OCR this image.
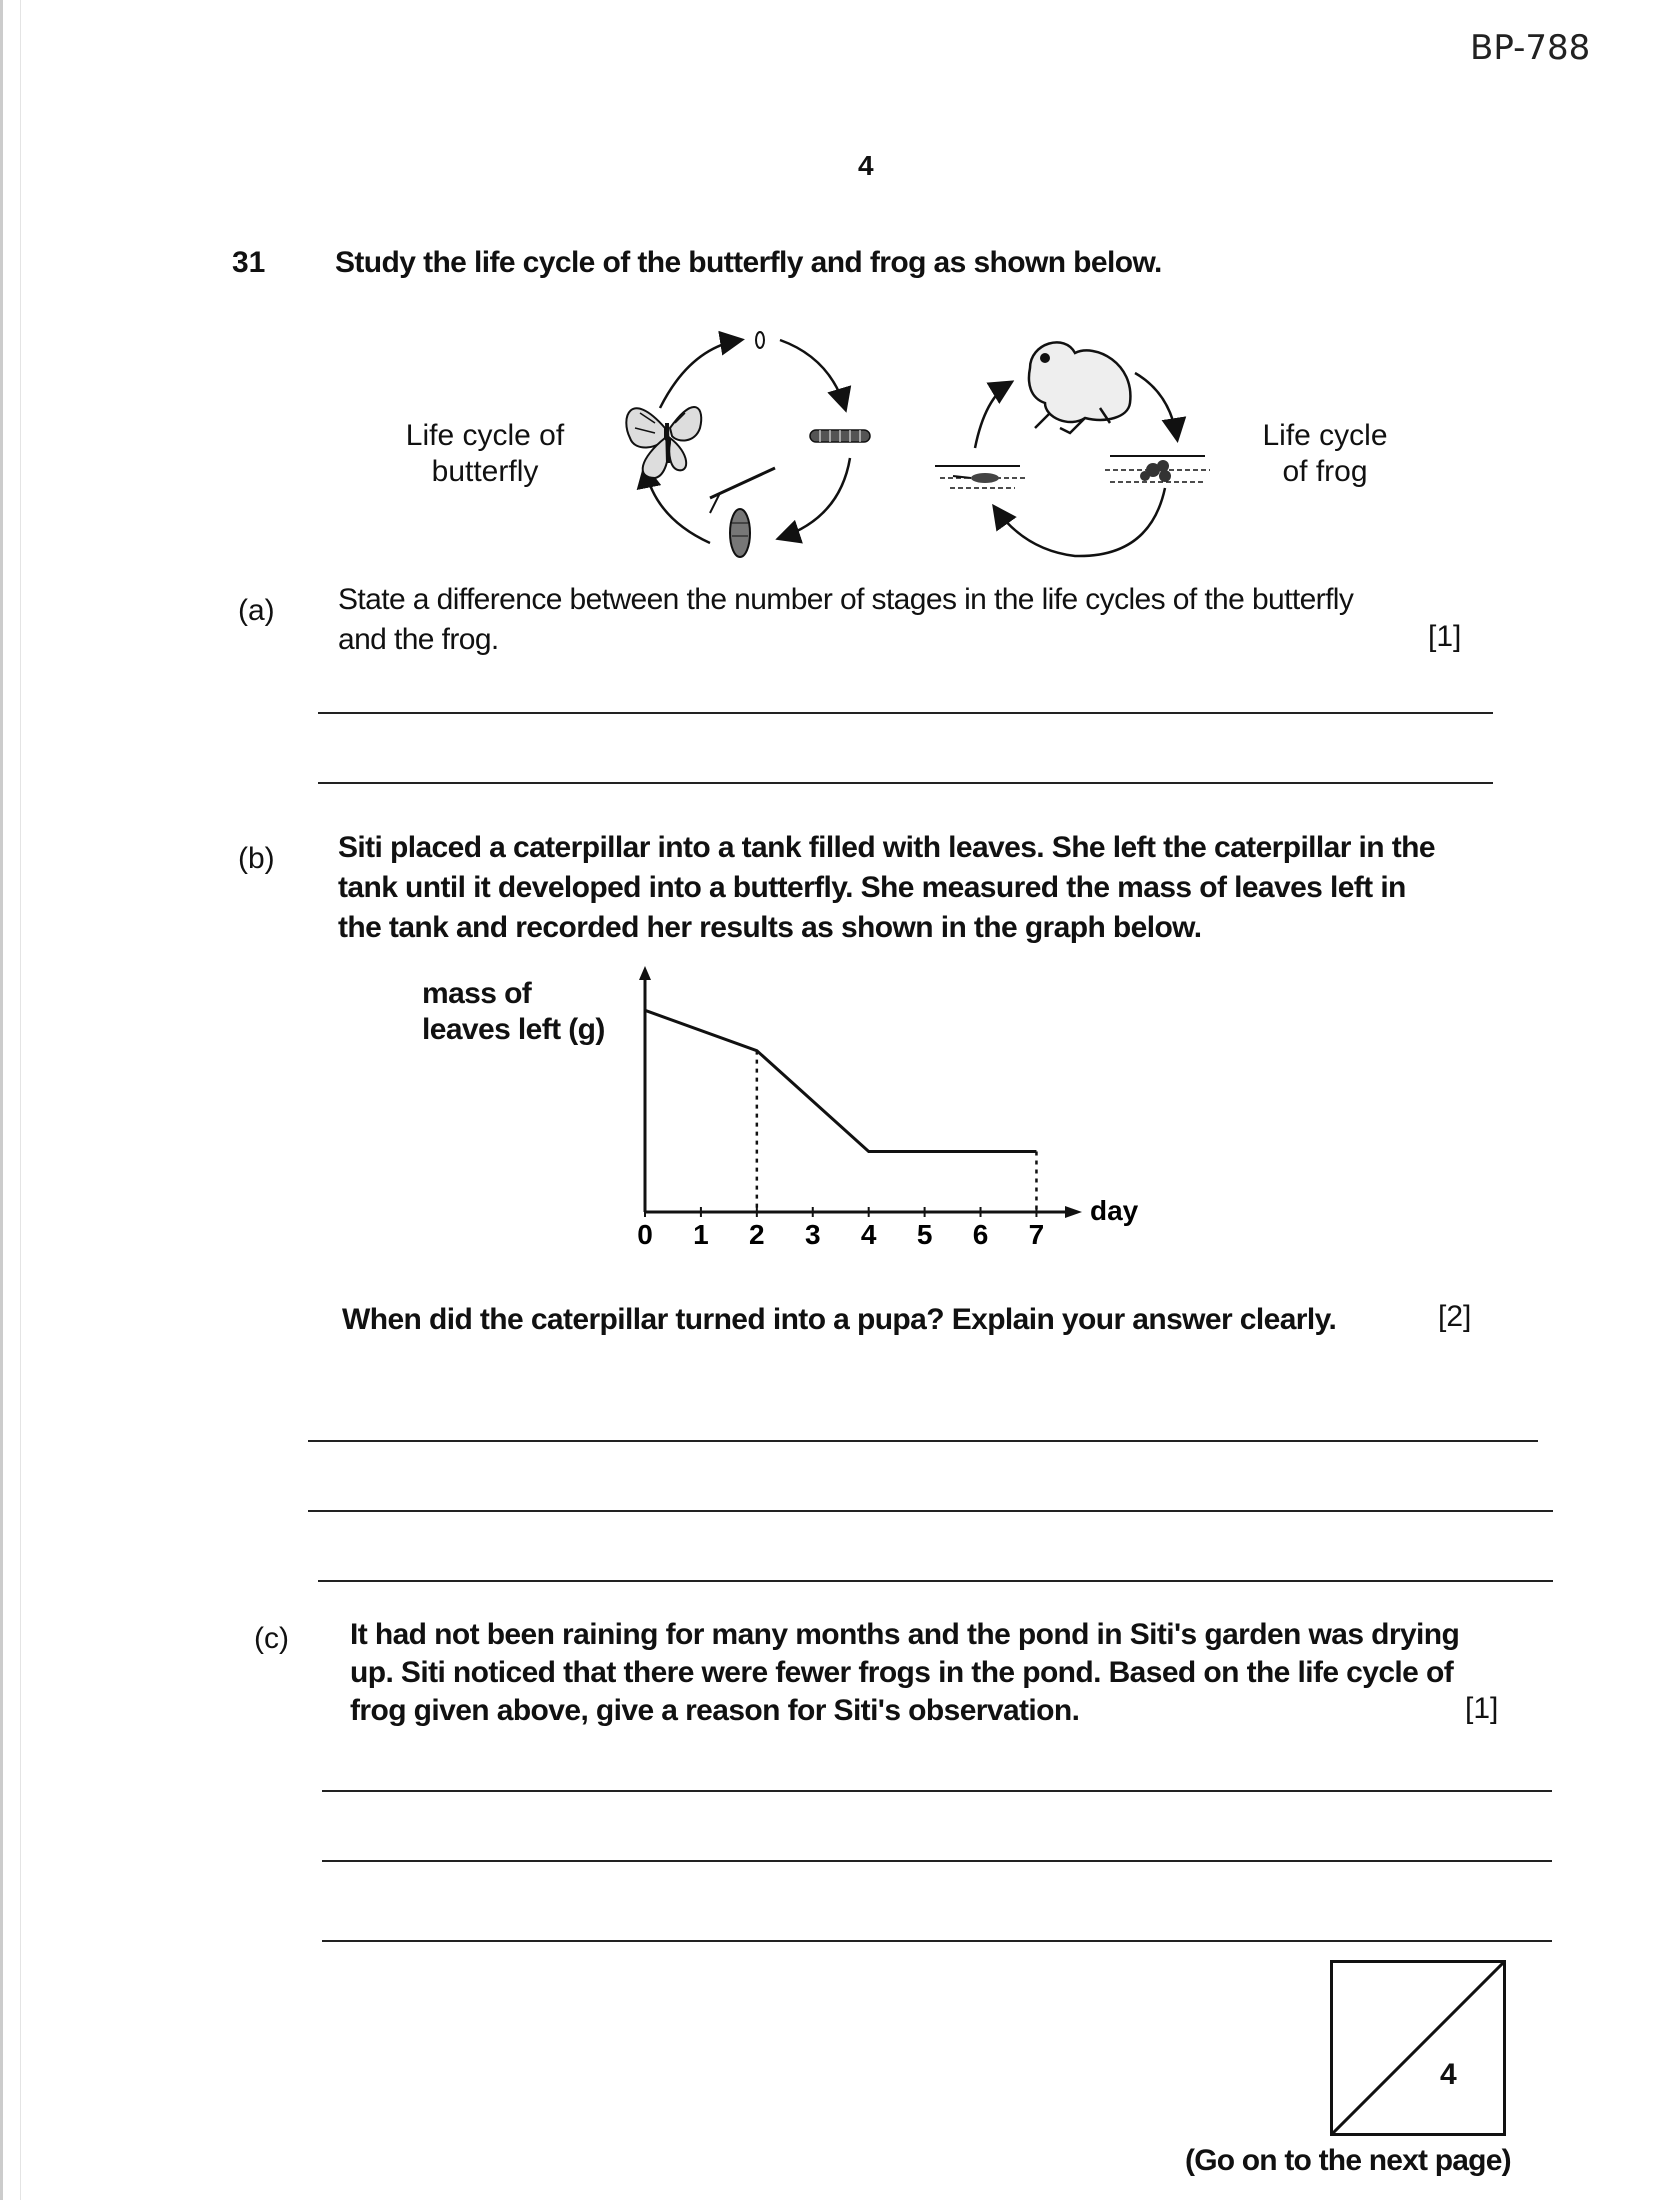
BP-788
4
31 Study the life cycle of the butterfly and frog as shown below.
Life cycle of
butterfly
Life cycle
of frog
(a) State a difference between the number of stages in the life cycles of the butterfly
and the frog.	[1]
(b) Siti placed a caterpillar into a tank filled with leaves. She left the caterpillar in the
tank until it developed into a butterfly. She measured the mass of leaves left in
the tank and recorded her results as shown in the graph below.
mass of
leaves left (g)
0 1 2 3 4 5 6 7
day
When did the caterpillar turned into a pupa? Explain your answer clearly.	[2]
(c) It had not been raining for many months and the pond in Siti's garden was drying
up. Siti noticed that there were fewer frogs in the pond. Based on the life cycle of
frog given above, give a reason for Siti's observation.	[1]
4
(Go on to the next page)
